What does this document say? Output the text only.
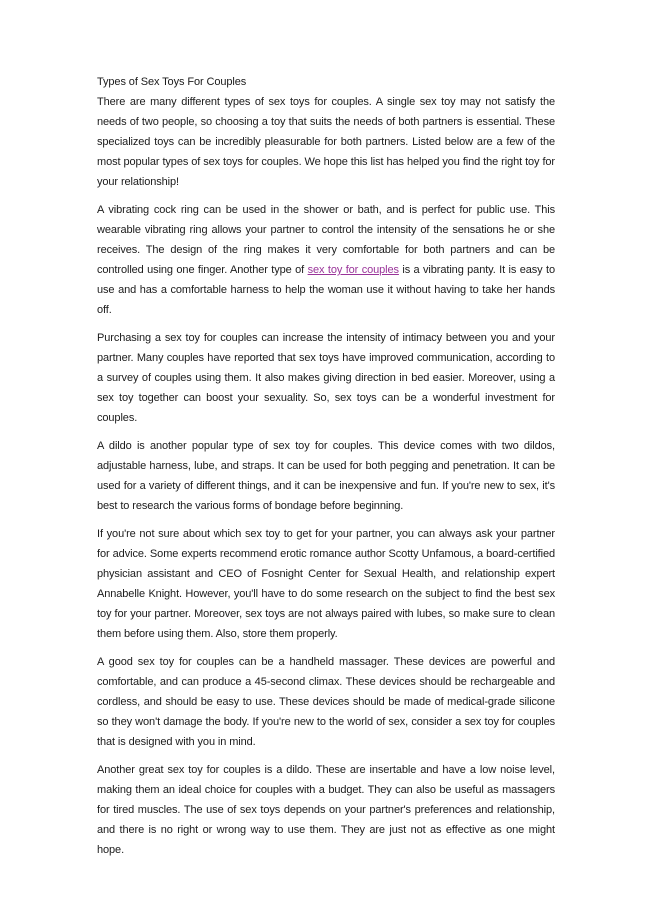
Types of Sex Toys For Couples

There are many different types of sex toys for couples. A single sex toy may not satisfy the needs of two people, so choosing a toy that suits the needs of both partners is essential. These specialized toys can be incredibly pleasurable for both partners. Listed below are a few of the most popular types of sex toys for couples. We hope this list has helped you find the right toy for your relationship!

A vibrating cock ring can be used in the shower or bath, and is perfect for public use. This wearable vibrating ring allows your partner to control the intensity of the sensations he or she receives. The design of the ring makes it very comfortable for both partners and can be controlled using one finger. Another type of sex toy for couples is a vibrating panty. It is easy to use and has a comfortable harness to help the woman use it without having to take her hands off.

Purchasing a sex toy for couples can increase the intensity of intimacy between you and your partner. Many couples have reported that sex toys have improved communication, according to a survey of couples using them. It also makes giving direction in bed easier. Moreover, using a sex toy together can boost your sexuality. So, sex toys can be a wonderful investment for couples.

A dildo is another popular type of sex toy for couples. This device comes with two dildos, adjustable harness, lube, and straps. It can be used for both pegging and penetration. It can be used for a variety of different things, and it can be inexpensive and fun. If you're new to sex, it's best to research the various forms of bondage before beginning.

If you're not sure about which sex toy to get for your partner, you can always ask your partner for advice. Some experts recommend erotic romance author Scotty Unfamous, a board-certified physician assistant and CEO of Fosnight Center for Sexual Health, and relationship expert Annabelle Knight. However, you'll have to do some research on the subject to find the best sex toy for your partner. Moreover, sex toys are not always paired with lubes, so make sure to clean them before using them. Also, store them properly.

A good sex toy for couples can be a handheld massager. These devices are powerful and comfortable, and can produce a 45-second climax. These devices should be rechargeable and cordless, and should be easy to use. These devices should be made of medical-grade silicone so they won't damage the body. If you're new to the world of sex, consider a sex toy for couples that is designed with you in mind.

Another great sex toy for couples is a dildo. These are insertable and have a low noise level, making them an ideal choice for couples with a budget. They can also be useful as massagers for tired muscles. The use of sex toys depends on your partner's preferences and relationship, and there is no right or wrong way to use them. They are just not as effective as one might hope.
